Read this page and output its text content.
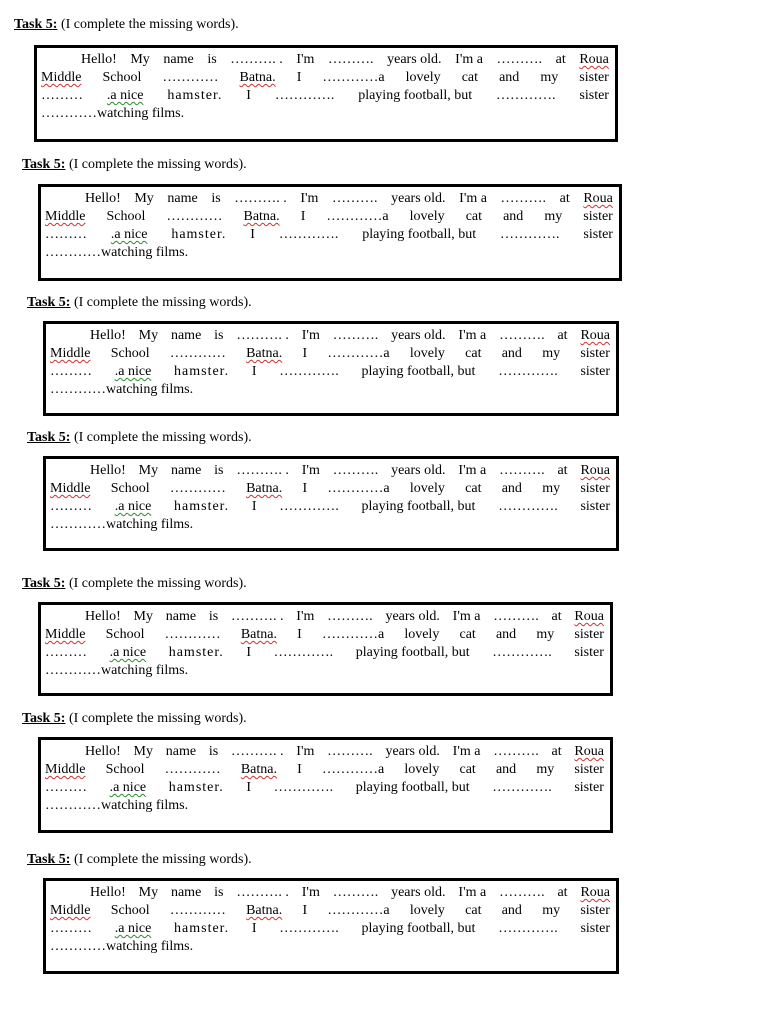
Task 5: (I complete the missing words).
Hello! My name is ………. . I'm ………. years old. I'm a ………. at Roua
Middle School ………… Batna. I …………a lovely cat and my sister
……… .a nice hamster. I …………. playing football, but …………. sister
………… watching films.
Task 5: (I complete the missing words).
Hello! My name is ………. . I'm ………. years old. I'm a ………. at Roua
Middle School ………… Batna. I …………a lovely cat and my sister
……… .a nice hamster. I …………. playing football, but …………. sister
………… watching films.
Task 5: (I complete the missing words).
Hello! My name is ………. . I'm ………. years old. I'm a ………. at Roua
Middle School ………… Batna. I …………a lovely cat and my sister
……… .a nice hamster. I …………. playing football, but …………. sister
………… watching films.
Task 5: (I complete the missing words).
Hello! My name is ………. . I'm ………. years old. I'm a ………. at Roua
Middle School ………… Batna. I …………a lovely cat and my sister
……… .a nice hamster. I …………. playing football, but …………. sister
………… watching films.
Task 5: (I complete the missing words).
Hello! My name is ………. . I'm ………. years old. I'm a ………. at Roua
Middle School ………… Batna. I …………a lovely cat and my sister
……… .a nice hamster. I …………. playing football, but …………. sister
………… watching films.
Task 5: (I complete the missing words).
Hello! My name is ………. . I'm ………. years old. I'm a ………. at Roua
Middle School ………… Batna. I …………a lovely cat and my sister
……… .a nice hamster. I …………. playing football, but …………. sister
………… watching films.
Task 5: (I complete the missing words).
Hello! My name is ………. . I'm ………. years old. I'm a ………. at Roua
Middle School ………… Batna. I …………a lovely cat and my sister
……… .a nice hamster. I …………. playing football, but …………. sister
………… watching films.
